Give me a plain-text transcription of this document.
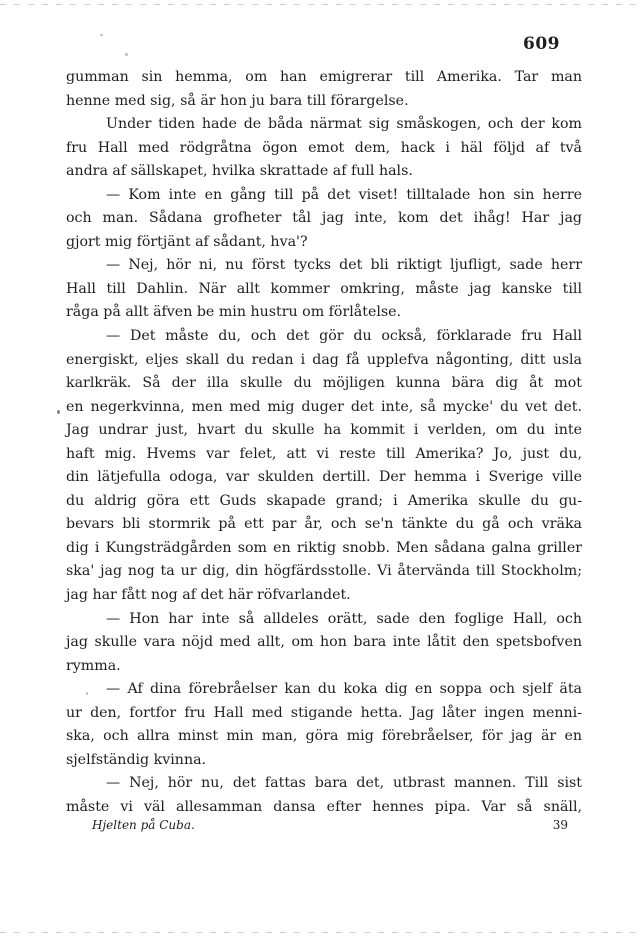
609
gumman sin hemma, om han emigrerar till Amerika. Tar man
henne med sig, så är hon ju bara till förargelse.
Under tiden hade de båda närmat sig småskogen, och der kom
fru Hall med rödgråtna ögon emot dem, hack i häl följd af två
andra af sällskapet, hvilka skrattade af full hals.
— Kom inte en gång till på det viset! tilltalade hon sin herre
och man. Sådana grofheter tål jag inte, kom det ihåg! Har jag
gjort mig förtjänt af sådant, hva'?
— Nej, hör ni, nu först tycks det bli riktigt ljufligt, sade herr
Hall till Dahlin. När allt kommer omkring, måste jag kanske till
råga på allt äfven be min hustru om förlåtelse.
— Det måste du, och det gör du också, förklarade fru Hall
energiskt, eljes skall du redan i dag få upplefva någonting, ditt usla
karlkräk. Så der illa skulle du möjligen kunna bära dig åt mot
en negerkvinna, men med mig duger det inte, så mycke' du vet det.
Jag undrar just, hvart du skulle ha kommit i verlden, om du inte
haft mig. Hvems var felet, att vi reste till Amerika? Jo, just du,
din lätjefulla odoga, var skulden dertill. Der hemma i Sverige ville
du aldrig göra ett Guds skapade grand; i Amerika skulle du gu-
bevars bli stormrik på ett par år, och se'n tänkte du gå och vräka
dig i Kungsträdgården som en riktig snobb. Men sådana galna griller
ska' jag nog ta ur dig, din högfärdsstolle. Vi återvända till Stockholm;
jag har fått nog af det här röfvarlandet.
— Hon har inte så alldeles orätt, sade den foglige Hall, och
jag skulle vara nöjd med allt, om hon bara inte låtit den spetsbofven
rymma.
— Af dina förebråelser kan du koka dig en soppa och sjelf äta
ur den, fortfor fru Hall med stigande hetta. Jag låter ingen menni-
ska, och allra minst min man, göra mig förebråelser, för jag är en
sjelfständig kvinna.
— Nej, hör nu, det fattas bara det, utbrast mannen. Till sist
måste vi väl allesamman dansa efter hennes pipa. Var så snäll,
Hjelten på Cuba.	39
